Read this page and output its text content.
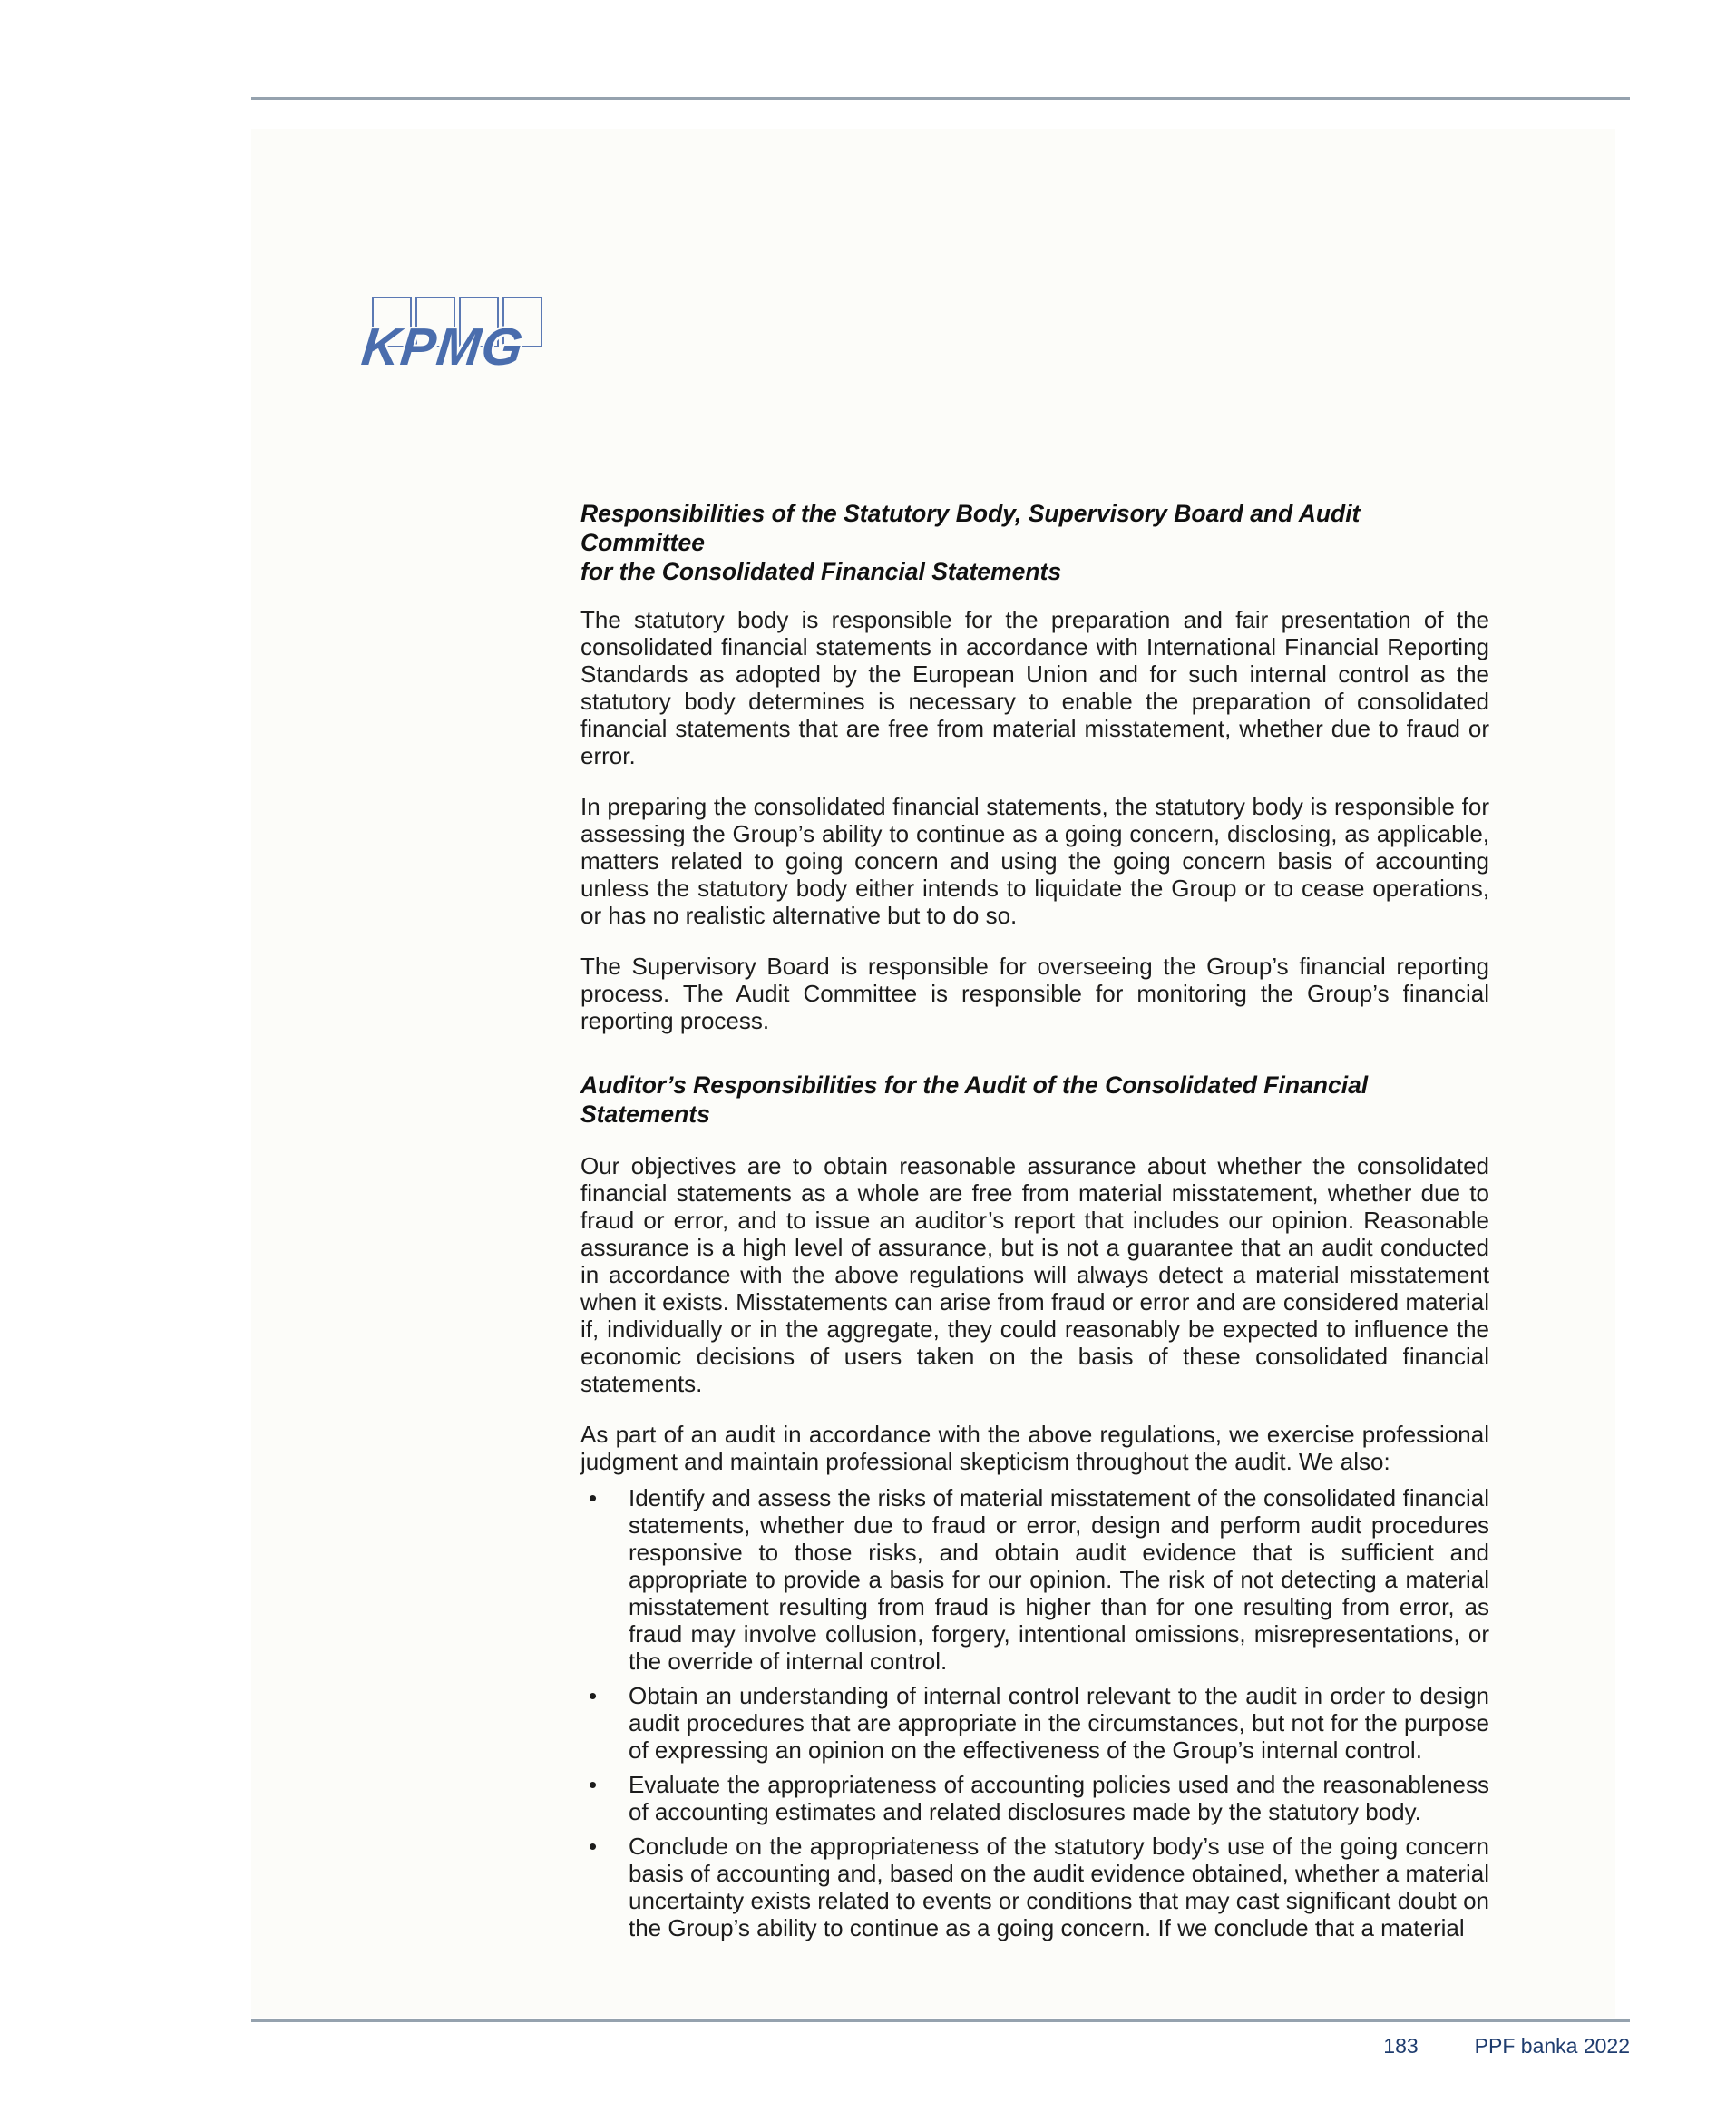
KPMG
Responsibilities of the Statutory Body, Supervisory Board and Audit Committee
for the Consolidated Financial Statements

The statutory body is responsible for the preparation and fair presentation of the consolidated financial statements in accordance with International Financial Reporting Standards as adopted by the European Union and for such internal control as the statutory body determines is necessary to enable the preparation of consolidated financial statements that are free from material misstatement, whether due to fraud or error.

In preparing the consolidated financial statements, the statutory body is responsible for assessing the Group’s ability to continue as a going concern, disclosing, as applicable, matters related to going concern and using the going concern basis of accounting unless the statutory body either intends to liquidate the Group or to cease operations, or has no realistic alternative but to do so.

The Supervisory Board is responsible for overseeing the Group’s financial reporting process. The Audit Committee is responsible for monitoring the Group’s financial reporting process.

Auditor’s Responsibilities for the Audit of the Consolidated Financial Statements

Our objectives are to obtain reasonable assurance about whether the consolidated financial statements as a whole are free from material misstatement, whether due to fraud or error, and to issue an auditor’s report that includes our opinion. Reasonable assurance is a high level of assurance, but is not a guarantee that an audit conducted in accordance with the above regulations will always detect a material misstatement when it exists. Misstatements can arise from fraud or error and are considered material if, individually or in the aggregate, they could reasonably be expected to influence the economic decisions of users taken on the basis of these consolidated financial statements.

As part of an audit in accordance with the above regulations, we exercise professional judgment and maintain professional skepticism throughout the audit. We also:

•	Identify and assess the risks of material misstatement of the consolidated financial statements, whether due to fraud or error, design and perform audit procedures responsive to those risks, and obtain audit evidence that is sufficient and appropriate to provide a basis for our opinion. The risk of not detecting a material misstatement resulting from fraud is higher than for one resulting from error, as fraud may involve collusion, forgery, intentional omissions, misrepresentations, or the override of internal control.
•	Obtain an understanding of internal control relevant to the audit in order to design audit procedures that are appropriate in the circumstances, but not for the purpose of expressing an opinion on the effectiveness of the Group’s internal control.
•	Evaluate the appropriateness of accounting policies used and the reasonableness of accounting estimates and related disclosures made by the statutory body.
•	Conclude on the appropriateness of the statutory body’s use of the going concern basis of accounting and, based on the audit evidence obtained, whether a material uncertainty exists related to events or conditions that may cast significant doubt on the Group’s ability to continue as a going concern. If we conclude that a material
183	PPF banka 2022
